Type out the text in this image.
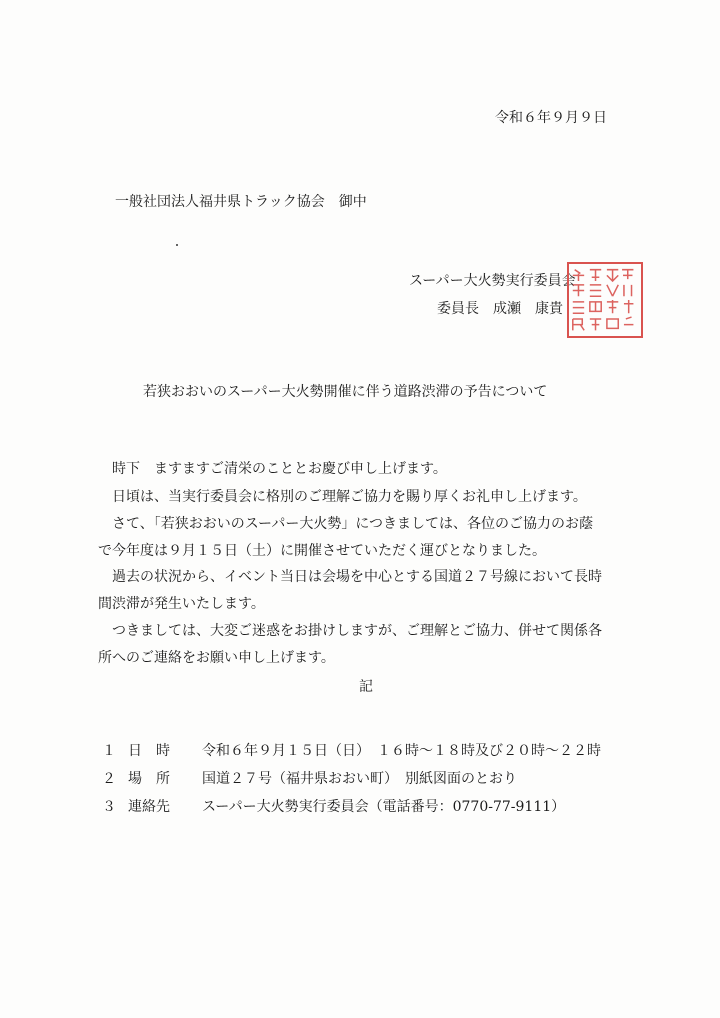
令和６年９月９日
一般社団法人福井県トラック協会　御中
スーパー大火勢実行委員会
委員長　成瀬　康貴
若狭おおいのスーパー大火勢開催に伴う道路渋滞の予告について

　時下　ますますご清栄のこととお慶び申し上げます。

　日頃は、当実行委員会に格別のご理解ご協力を賜り厚くお礼申し上げます。

　さて、「若狭おおいのスーパー大火勢」につきましては、各位のご協力のお蔭

で今年度は９月１５日（土）に開催させていただく運びとなりました。

　過去の状況から、イベント当日は会場を中心とする国道２７号線において長時

間渋滞が発生いたします。

　つきましては、大変ご迷惑をお掛けしますが、ご理解とご協力、併せて関係各

所へのご連絡をお願い申し上げます。

記
１ 日　時 令和６年９月１５日（日）　１６時～１８時及び２０時～２２時
２ 場　所 国道２７号（福井県おおい町）　別紙図面のとおり
３ 連絡先 スーパー大火勢実行委員会（電話番号：0770-77-9111）
